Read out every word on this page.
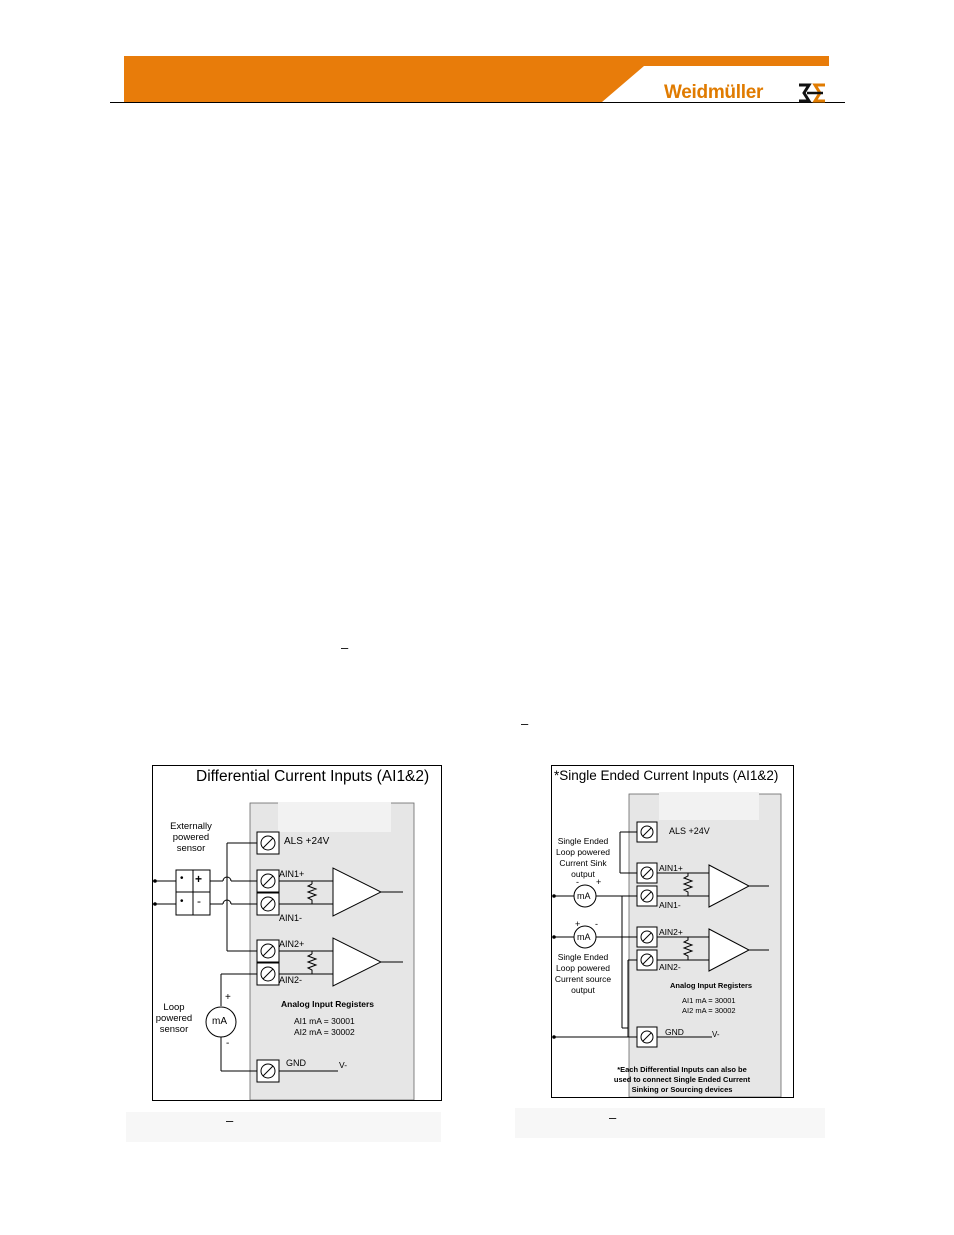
Weidmüller
–
–
Differential Current Inputs (AI1&2)
Externally
powered
sensor
•
•
+
-
ALS +24V
AIN1+
AIN1-
AIN2+
AIN2-
Loop
powered
sensor
mA
+
-
Analog Input Registers
AI1 mA = 30001
AI2 mA = 30002
GND	V-
*Single Ended Current Inputs (AI1&2)
Single Ended
Loop powered
Current Sink
output
Single Ended
Loop powered
Current source
output
mA
mA
- +
+ -
ALS +24V
AIN1+
AIN1-
AIN2+
AIN2-
Analog Input Registers
AI1 mA = 30001
AI2 mA = 30002
GND	V-
*Each Differential Inputs can also be
used to connect Single Ended Current
Sinking or Sourcing devices
–	–
